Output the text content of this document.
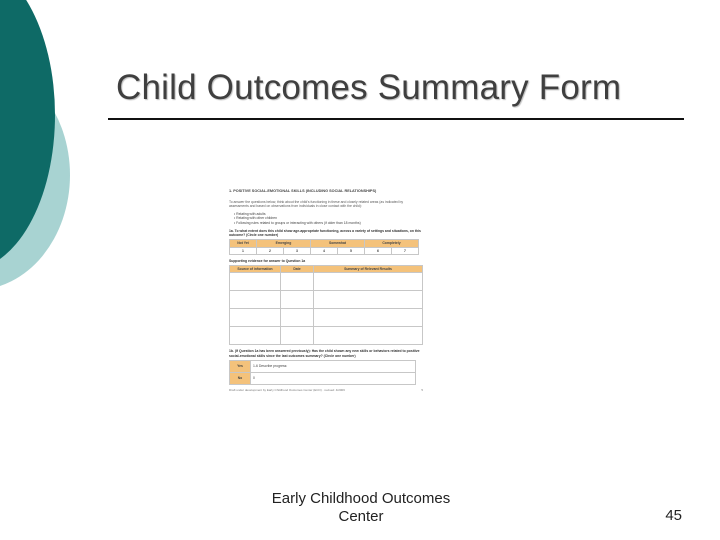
Child Outcomes Summary Form
1. POSITIVE SOCIAL-EMOTIONAL SKILLS (INCLUDING SOCIAL RELATIONSHIPS)
To answer the questions below, think about the child's functioning in these and closely related areas (as indicated by assessments and based on observations from individuals in close contact with the child):
• Relating with adults
• Relating with other children
• Following rules related to groups or interacting with others (if older than 18 months)
1a. To what extent does this child show age-appropriate functioning, across a variety of settings and situations, on this outcome? (Circle one number)
Not Yet	Emerging		Somewhat		Completely	
1	2	3	4	5	6	7
Supporting evidence for answer to Question 1a
Source of information	Date	Summary of Relevant Results

1b. (If Question 1a has been answered previously): Has the child shown any new skills or behaviors related to positive social-emotional skills since the last outcomes summary? (Circle one number)
Yes	1-6 Describe progress:
No	0
Draft under development by Early Childhood Outcomes Center (ECO) · revised: 4/2006	5
Early Childhood Outcomes
Center	45
